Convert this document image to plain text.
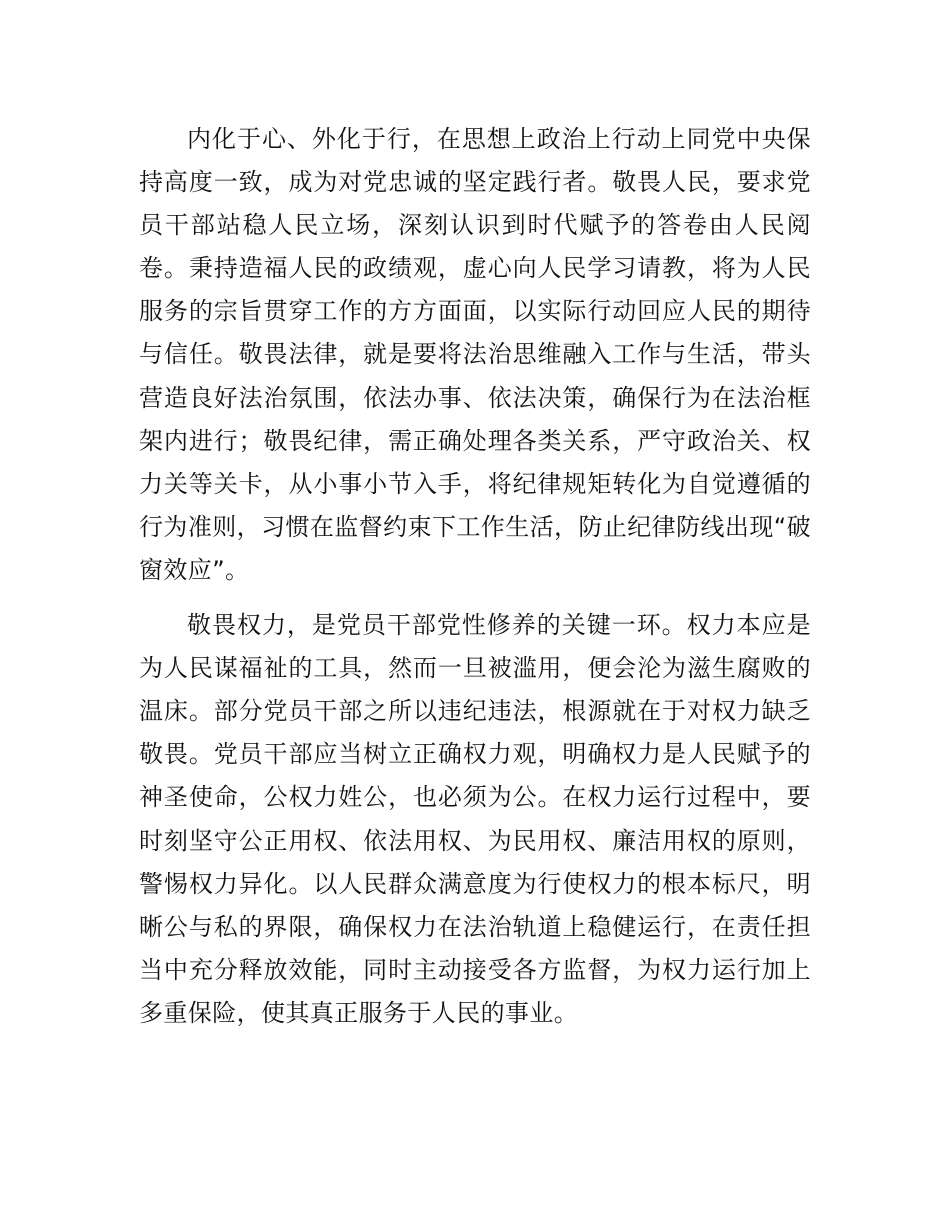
内化于心、外化于行，在思想上政治上行动上同党中央保持高度一致，成为对党忠诚的坚定践行者。敬畏人民，要求党员干部站稳人民立场，深刻认识到时代赋予的答卷由人民阅卷。秉持造福人民的政绩观，虚心向人民学习请教，将为人民服务的宗旨贯穿工作的方方面面，以实际行动回应人民的期待与信任。敬畏法律，就是要将法治思维融入工作与生活，带头营造良好法治氛围，依法办事、依法决策，确保行为在法治框架内进行；敬畏纪律，需正确处理各类关系，严守政治关、权力关等关卡，从小事小节入手，将纪律规矩转化为自觉遵循的行为准则，习惯在监督约束下工作生活，防止纪律防线出现“破窗效应”。

敬畏权力，是党员干部党性修养的关键一环。权力本应是为人民谋福祉的工具，然而一旦被滥用，便会沦为滋生腐败的温床。部分党员干部之所以违纪违法，根源就在于对权力缺乏敬畏。党员干部应当树立正确权力观，明确权力是人民赋予的神圣使命，公权力姓公，也必须为公。在权力运行过程中，要时刻坚守公正用权、依法用权、为民用权、廉洁用权的原则，警惕权力异化。以人民群众满意度为行使权力的根本标尺，明晰公与私的界限，确保权力在法治轨道上稳健运行，在责任担当中充分释放效能，同时主动接受各方监督，为权力运行加上多重保险，使其真正服务于人民的事业。
